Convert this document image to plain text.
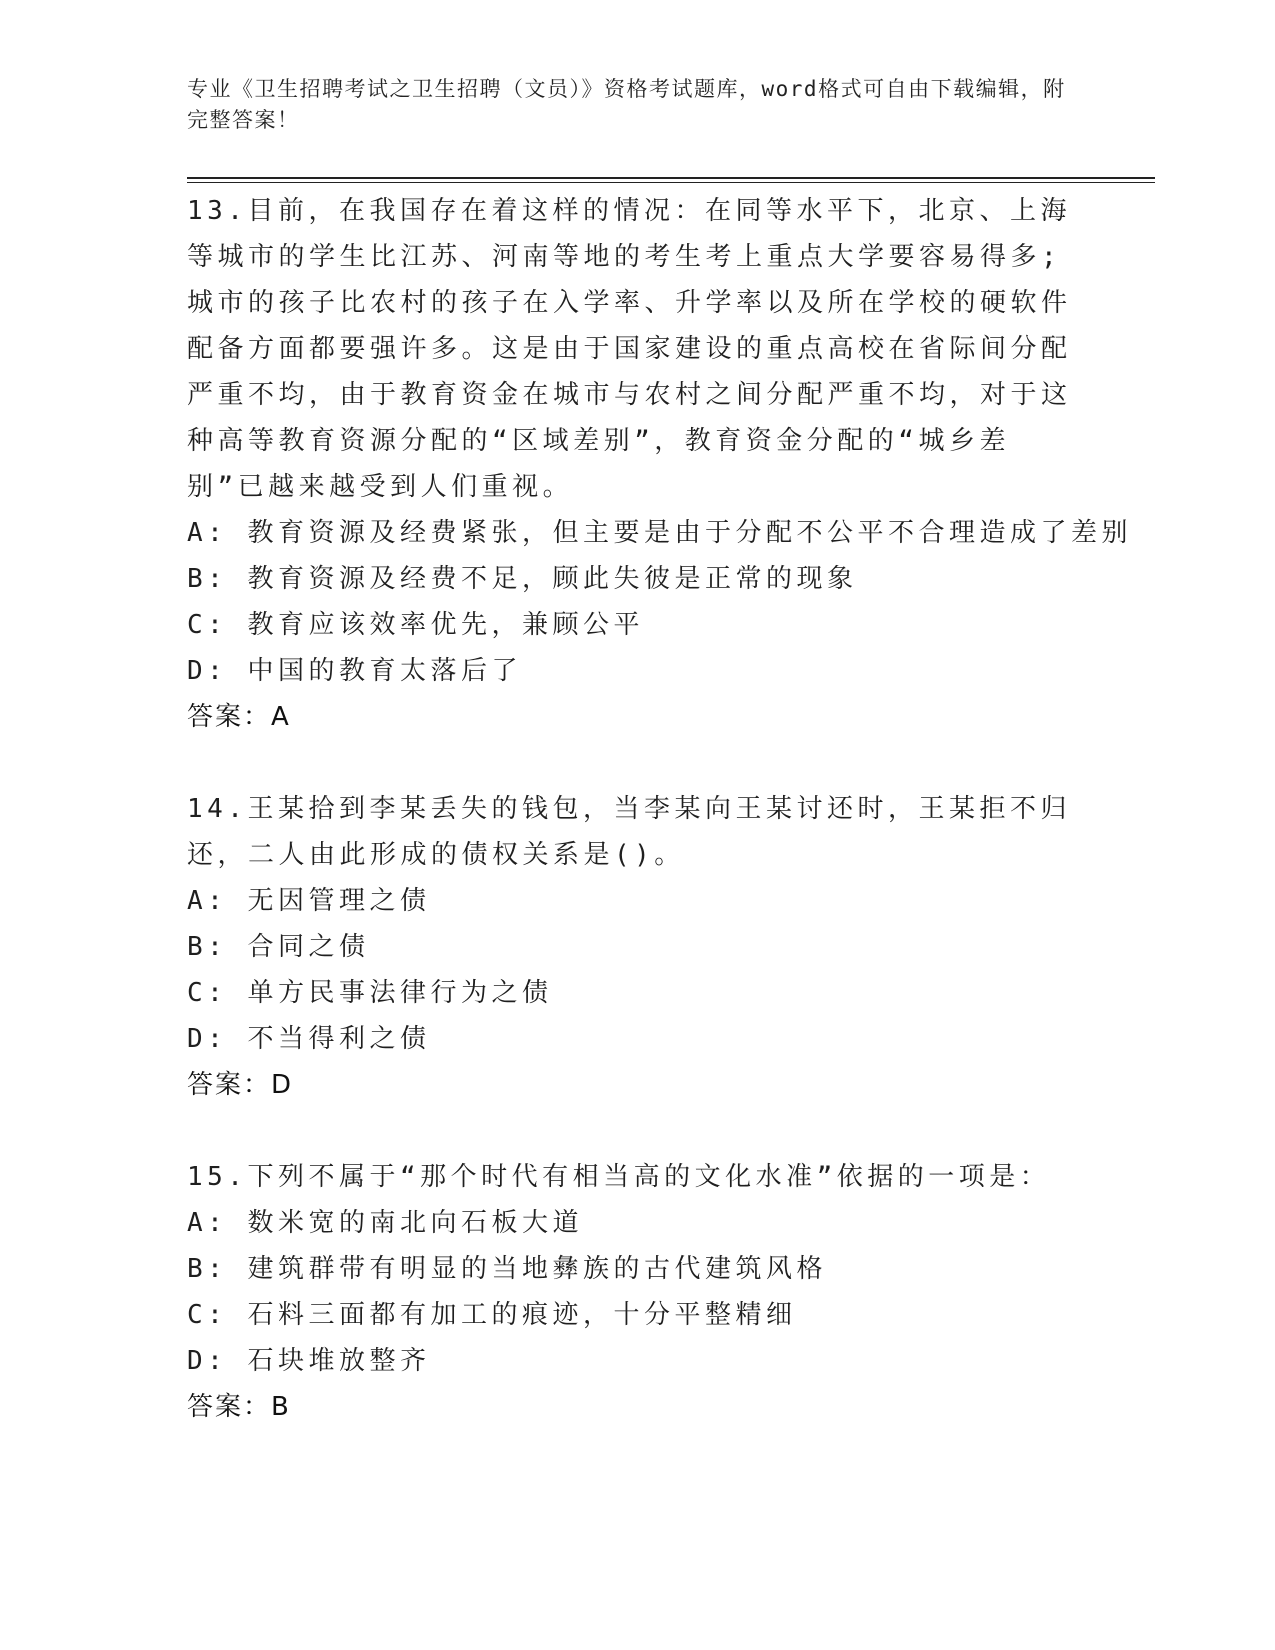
专业《卫生招聘考试之卫生招聘（文员）》资格考试题库，word格式可自由下载编辑，附完整答案！

13.目前，在我国存在着这样的情况：在同等水平下，北京、上海等城市的学生比江苏、河南等地的考生考上重点大学要容易得多;城市的孩子比农村的孩子在入学率、升学率以及所在学校的硬软件配备方面都要强许多。这是由于国家建设的重点高校在省际间分配严重不均，由于教育资金在城市与农村之间分配严重不均，对于这种高等教育资源分配的“区域差别”，教育资金分配的“城乡差别”已越来越受到人们重视。

A: 教育资源及经费紧张，但主要是由于分配不公平不合理造成了差别

B: 教育资源及经费不足，顾此失彼是正常的现象

C: 教育应该效率优先，兼顾公平

D: 中国的教育太落后了

答案：A

14.王某拾到李某丢失的钱包，当李某向王某讨还时，王某拒不归还，二人由此形成的债权关系是()。

A: 无因管理之债

B: 合同之债

C: 单方民事法律行为之债

D: 不当得利之债

答案：D

15.下列不属于“那个时代有相当高的文化水准”依据的一项是：

A: 数米宽的南北向石板大道

B: 建筑群带有明显的当地彝族的古代建筑风格

C: 石料三面都有加工的痕迹，十分平整精细

D: 石块堆放整齐

答案：B
